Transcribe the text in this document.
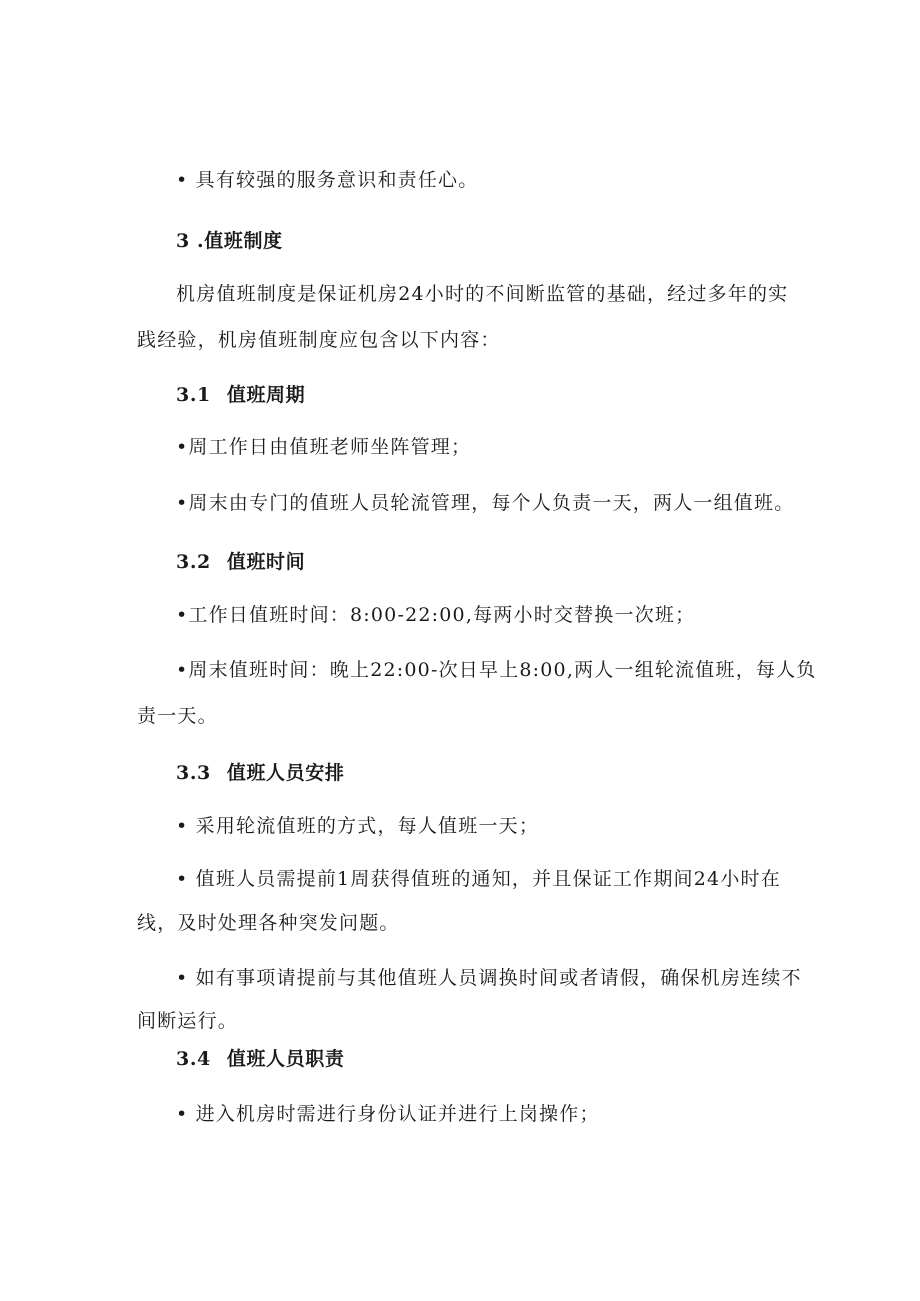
• 具有较强的服务意识和责任心。
3 .值班制度
机房值班制度是保证机房24小时的不间断监管的基础，经过多年的实
践经验，机房值班制度应包含以下内容：
3.1 值班周期
•周工作日由值班老师坐阵管理；
•周末由专门的值班人员轮流管理，每个人负责一天，两人一组值班。
3.2 值班时间
•工作日值班时间：8:00-22:00,每两小时交替换一次班；
•周末值班时间：晚上22:00-次日早上8:00,两人一组轮流值班，每人负
责一天。
3.3 值班人员安排
• 采用轮流值班的方式，每人值班一天；
• 值班人员需提前1周获得值班的通知，并且保证工作期间24小时在
线，及时处理各种突发问题。
• 如有事项请提前与其他值班人员调换时间或者请假，确保机房连续不
间断运行。
3.4 值班人员职责
• 进入机房时需进行身份认证并进行上岗操作；
